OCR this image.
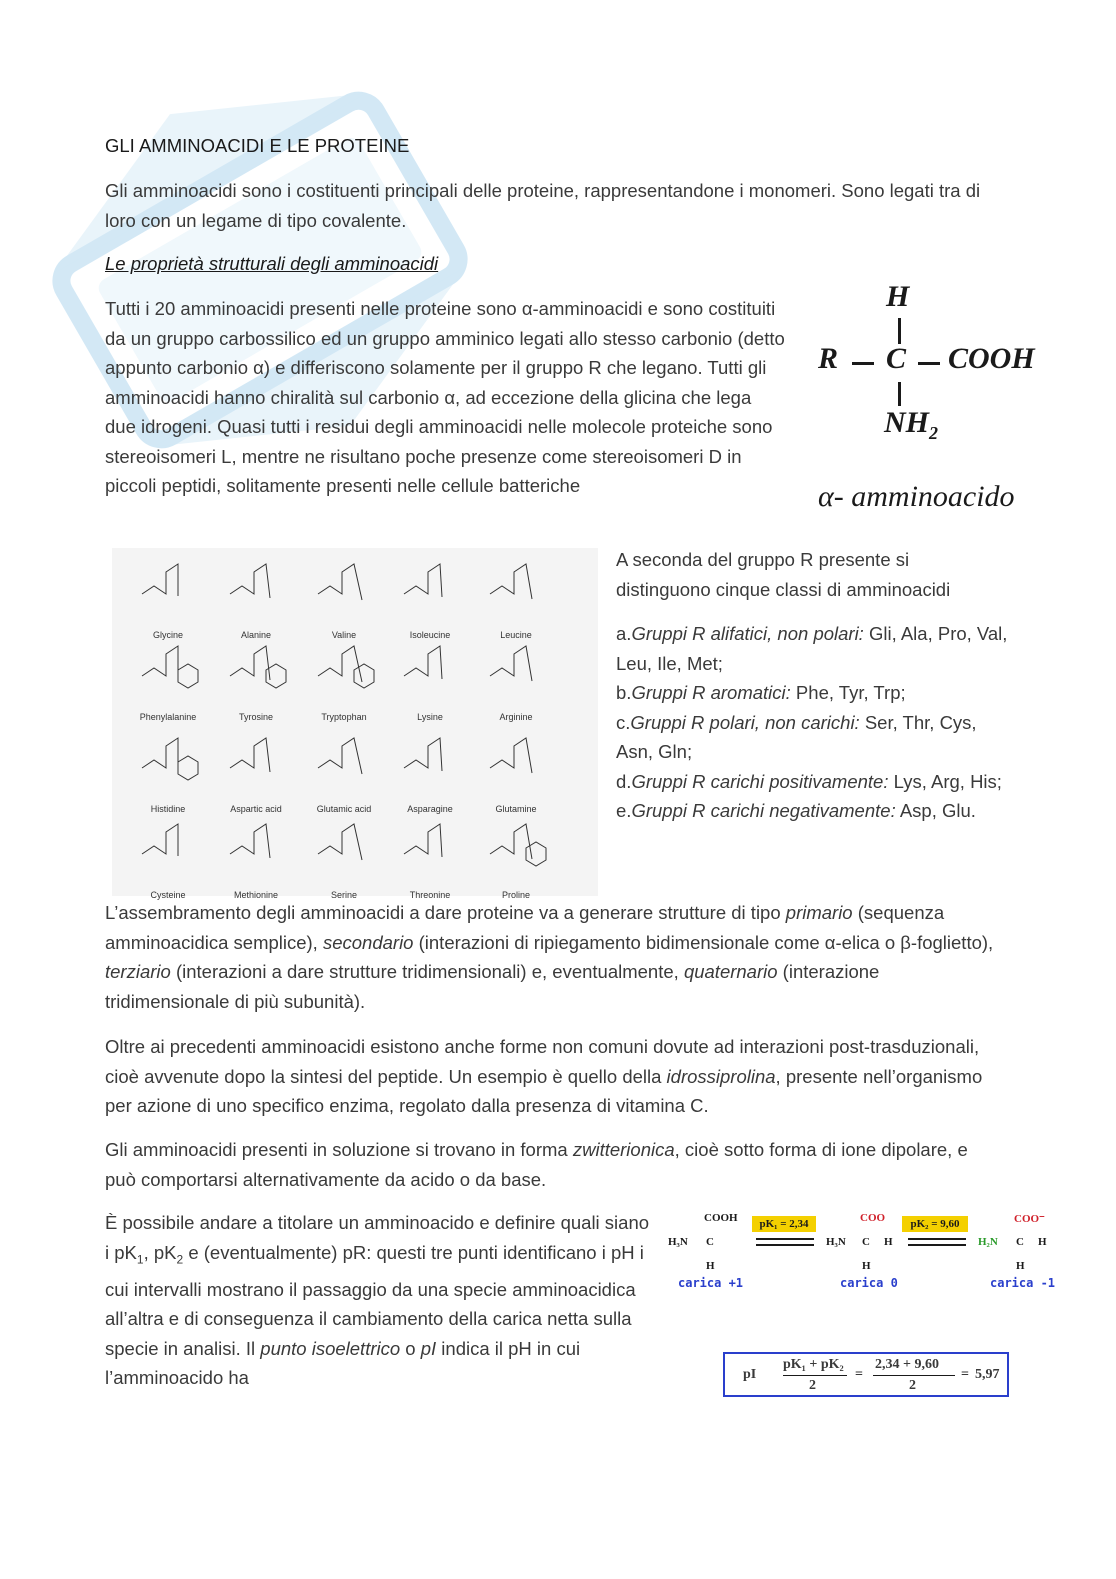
GLI AMMINOACIDI E LE PROTEINE

Gli amminoacidi sono i costituenti principali delle proteine, rappresentandone i monomeri. Sono legati tra di loro con un legame di tipo covalente.

Le proprietà strutturali degli amminoacidi

Tutti i 20 amminoacidi presenti nelle proteine sono α-amminoacidi e sono costituiti da un gruppo carbossilico ed un gruppo amminico legati allo stesso carbonio (detto appunto carbonio α) e differiscono solamente per il gruppo R che legano. Tutti gli amminoacidi hanno chiralità sul carbonio α, ad eccezione della glicina che lega due idrogeni. Quasi tutti i residui degli amminoacidi nelle molecole proteiche sono stereoisomeri L, mentre ne risultano poche presenze come stereoisomeri D in piccoli peptidi, solitamente presenti nelle cellule batteriche

H
R C COOH
$NH_2$
α- amminoacido
Glycine	Alanine	Valine	Isoleucine	Leucine
Phenylalanine	Tyrosine	Tryptophan	Lysine	Arginine
Histidine	Aspartic acid	Glutamic acid	Asparagine	Glutamine
Cysteine	Methionine	Serine	Threonine	Proline

A seconda del gruppo R presente si distinguono cinque classi di amminoacidi

a.Gruppi R alifatici, non polari: Gli, Ala, Pro, Val, Leu, Ile, Met;

b.Gruppi R aromatici: Phe, Tyr, Trp;

c.Gruppi R polari, non carichi: Ser, Thr, Cys, Asn, Gln;

d.Gruppi R carichi positivamente: Lys, Arg, His;

e.Gruppi R carichi negativamente: Asp, Glu.

L’assembramento degli amminoacidi a dare proteine va a generare strutture di tipo primario (sequenza amminoacidica semplice), secondario (interazioni di ripiegamento bidimensionale come α-elica o β-foglietto), terziario (interazioni a dare strutture tridimensionali) e, eventualmente, quaternario (interazione tridimensionale di più subunità).

Oltre ai precedenti amminoacidi esistono anche forme non comuni dovute ad interazioni post-trasduzionali, cioè avvenute dopo la sintesi del peptide. Un esempio è quello della idrossiprolina, presente nell’organismo per azione di uno specifico enzima, regolato dalla presenza di vitamina C.

Gli amminoacidi presenti in soluzione si trovano in forma zwitterionica, cioè sotto forma di ione dipolare, e può comportarsi alternativamente da acido o da base.

È possibile andare a titolare un amminoacido e definire quali siano i $pK_1$, $pK_2$ e (eventualmente) pR: questi tre punti identificano i pH i cui intervalli mostrano il passaggio da una specie amminoacidica all’altra e di conseguenza il cambiamento della carica netta sulla specie in analisi. Il punto isoelettrico o pI indica il pH in cui l’amminoacido ha

COOH
H₃N C
H
pK₁ = 2,34	COO
H₃N C H
H
pK₂ = 9,60	COO⁻
H₂N C H
H
carica +1	carica 0	carica -1
pI
pK₁ + pK₂
2
=
2,34 + 9,60
2
= 5,97
